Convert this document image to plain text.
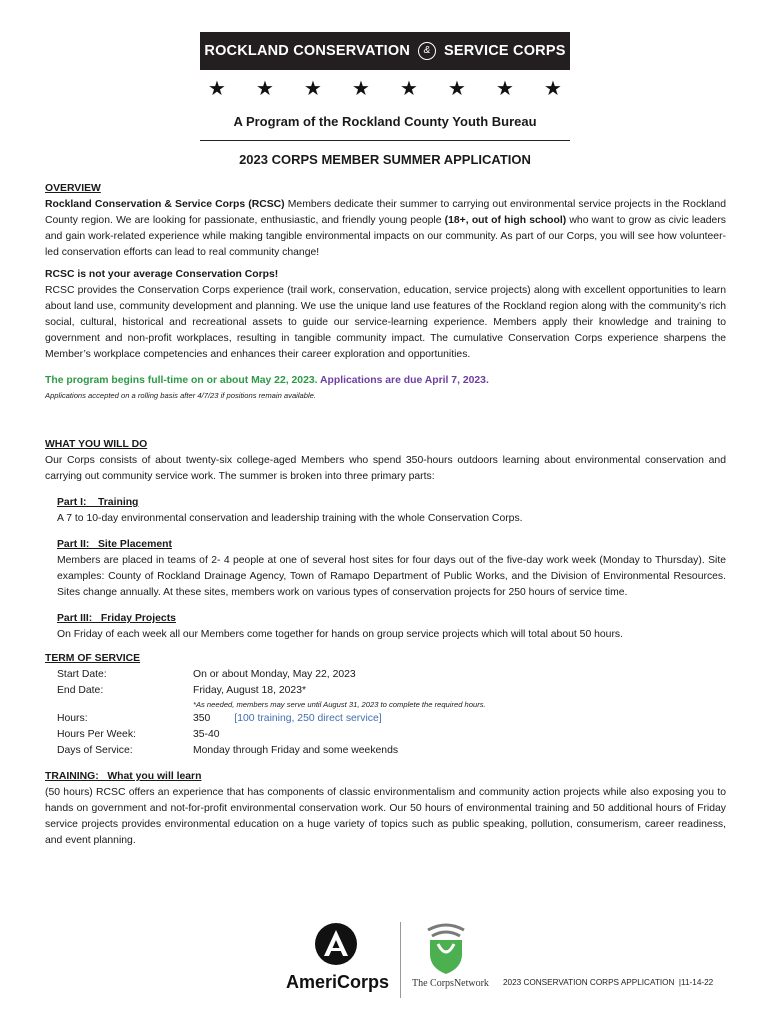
ROCKLAND CONSERVATION	& SERVICE CORPS
★ ★ ★ ★ ★ ★ ★ ★
A Program of the Rockland County Youth Bureau
2023 CORPS MEMBER SUMMER APPLICATION
OVERVIEW

Rockland Conservation & Service Corps (RCSC) Members dedicate their summer to carrying out environmental service projects in the Rockland County region. We are looking for passionate, enthusiastic, and friendly young people (18+, out of high school) who want to grow as civic leaders and gain work-related experience while making tangible environmental impacts on our community. As part of our Corps, you will see how volunteer-led conservation efforts can lead to real community change!

RCSC is not your average Conservation Corps!

RCSC provides the Conservation Corps experience (trail work, conservation, education, service projects) along with excellent opportunities to learn about land use, community development and planning. We use the unique land use features of the Rockland region along with the community’s rich social, cultural, historical and recreational assets to guide our service-learning experience. Members apply their knowledge and training to government and non-profit workplaces, resulting in tangible community impact. The cumulative Conservation Corps experience sharpens the Member’s workplace competencies and enhances their career exploration and opportunities.

The program begins full-time on or about May 22, 2023. Applications are due April 7, 2023.
Applications accepted on a rolling basis after 4/7/23 if positions remain available.
WHAT YOU WILL DO

Our Corps consists of about twenty-six college-aged Members who spend 350-hours outdoors learning about environmental conservation and carrying out community service work. The summer is broken into three primary parts:

Part I:    Training

A 7 to 10-day environmental conservation and leadership training with the whole Conservation Corps.

Part II:   Site Placement

Members are placed in teams of 2- 4 people at one of several host sites for four days out of the five-day work week (Monday to Thursday). Site examples: County of Rockland Drainage Agency, Town of Ramapo Department of Public Works, and the Division of Environmental Resources. Sites change annually. At these sites, members work on various types of conservation projects for 250 hours of service time.

Part III:   Friday Projects

On Friday of each week all our Members come together for hands on group service projects which will total about 50 hours.

TERM OF SERVICE
Start Date:	On or about Monday, May 22, 2023
End Date:	Friday, August 18, 2023*
*As needed, members may serve until August 31, 2023 to complete the required hours.
Hours:	350 [100 training, 250 direct service]
Hours Per Week:	35-40
Days of Service:	Monday through Friday and some weekends
TRAINING:   What you will learn

(50 hours) RCSC offers an experience that has components of classic environmentalism and community action projects while also exposing you to hands on government and not-for-profit environmental conservation work. Our 50 hours of environmental training and 50 additional hours of Friday service projects provides environmental education on a huge variety of topics such as public speaking, pollution, consumerism, career readiness, and event planning.

AmeriCorps The CorpsNetwork 2023 CONSERVATION CORPS APPLICATION  |11-14-22
